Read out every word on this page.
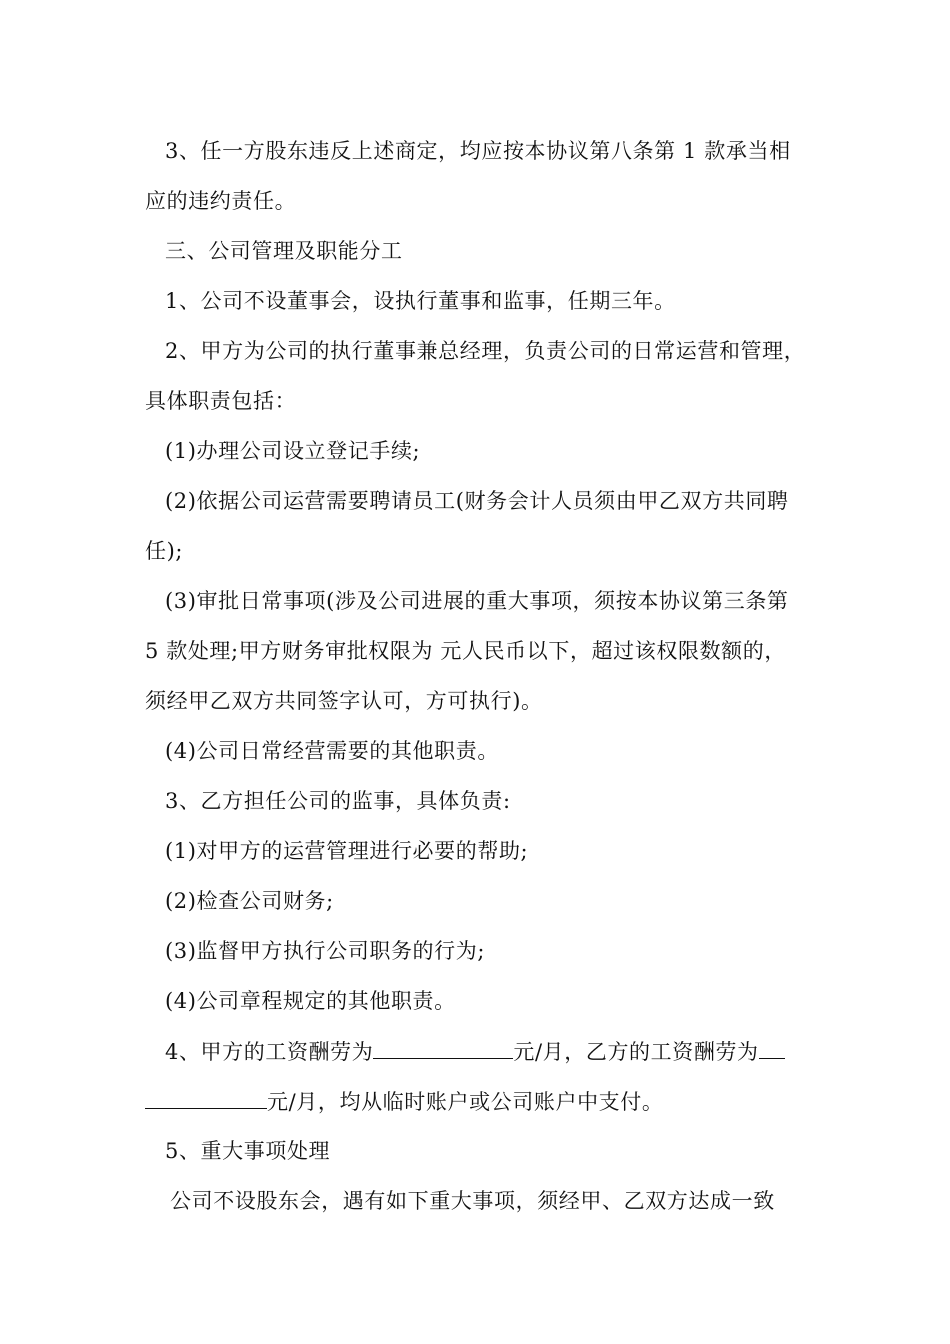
3、任一方股东违反上述商定，均应按本协议第八条第 1 款承当相
应的违约责任。
三、公司管理及职能分工
1、公司不设董事会，设执行董事和监事，任期三年。
2、甲方为公司的执行董事兼总经理，负责公司的日常运营和管理，
具体职责包括：
(1)办理公司设立登记手续;
(2)依据公司运营需要聘请员工(财务会计人员须由甲乙双方共同聘
任);
(3)审批日常事项(涉及公司进展的重大事项，须按本协议第三条第
5 款处理;甲方财务审批权限为 元人民币以下，超过该权限数额的，
须经甲乙双方共同签字认可，方可执行)。
(4)公司日常经营需要的其他职责。
3、乙方担任公司的监事，具体负责:
(1)对甲方的运营管理进行必要的帮助;
(2)检查公司财务;
(3)监督甲方执行公司职务的行为;
(4)公司章程规定的其他职责。
4、甲方的工资酬劳为	元/月，乙方的工资酬劳为
元/月，均从临时账户或公司账户中支付。
5、重大事项处理
公司不设股东会，遇有如下重大事项，须经甲、乙双方达成一致
